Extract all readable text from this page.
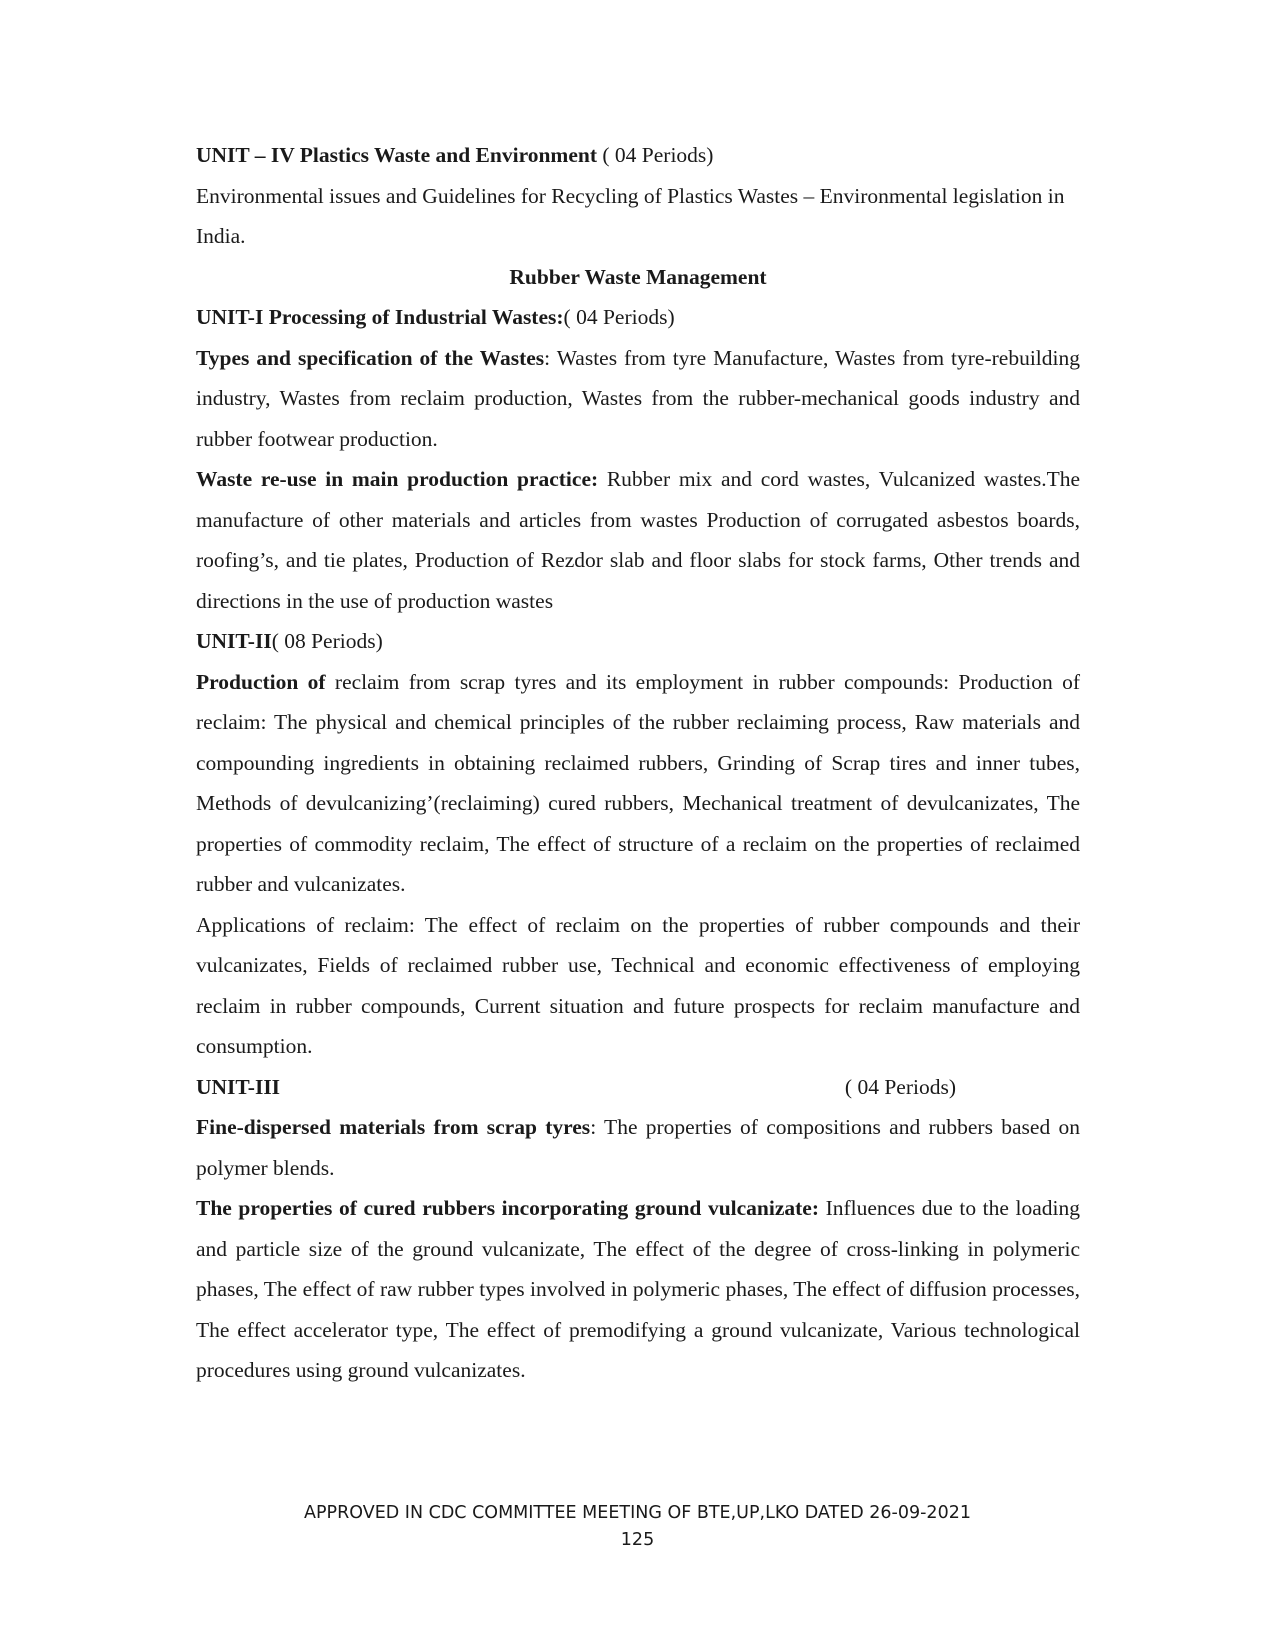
UNIT – IV Plastics Waste and Environment ( 04 Periods)

Environmental issues and Guidelines for Recycling of Plastics Wastes – Environmental legislation in India.

Rubber Waste Management

UNIT-I Processing of Industrial Wastes:( 04 Periods)

Types and specification of the Wastes: Wastes from tyre Manufacture, Wastes from tyre-rebuilding industry, Wastes from reclaim production, Wastes from the rubber-mechanical goods industry and rubber footwear production.

Waste re-use in main production practice: Rubber mix and cord wastes, Vulcanized wastes.The manufacture of other materials and articles from wastes Production of corrugated asbestos boards, roofing’s, and tie plates, Production of Rezdor slab and floor slabs for stock farms, Other trends and directions in the use of production wastes

UNIT-II( 08 Periods)

Production of reclaim from scrap tyres and its employment in rubber compounds: Production of reclaim: The physical and chemical principles of the rubber reclaiming process, Raw materials and compounding ingredients in obtaining reclaimed rubbers, Grinding of Scrap tires and inner tubes, Methods of devulcanizing’(reclaiming) cured rubbers, Mechanical treatment of devulcanizates, The properties of commodity reclaim, The effect of structure of a reclaim on the properties of reclaimed rubber and vulcanizates.

Applications of reclaim: The effect of reclaim on the properties of rubber compounds and their vulcanizates, Fields of reclaimed rubber use, Technical and economic effectiveness of employing reclaim in rubber compounds, Current situation and future prospects for reclaim manufacture and consumption.

UNIT-III	( 04 Periods)

Fine-dispersed materials from scrap tyres: The properties of compositions and rubbers based on polymer blends.

The properties of cured rubbers incorporating ground vulcanizate: Influences due to the loading and particle size of the ground vulcanizate, The effect of the degree of cross-linking in polymeric phases, The effect of raw rubber types involved in polymeric phases, The effect of diffusion processes, The effect accelerator type, The effect of premodifying a ground vulcanizate, Various technological procedures using ground vulcanizates.

APPROVED IN CDC COMMITTEE MEETING OF BTE,UP,LKO DATED 26-09-2021
125
